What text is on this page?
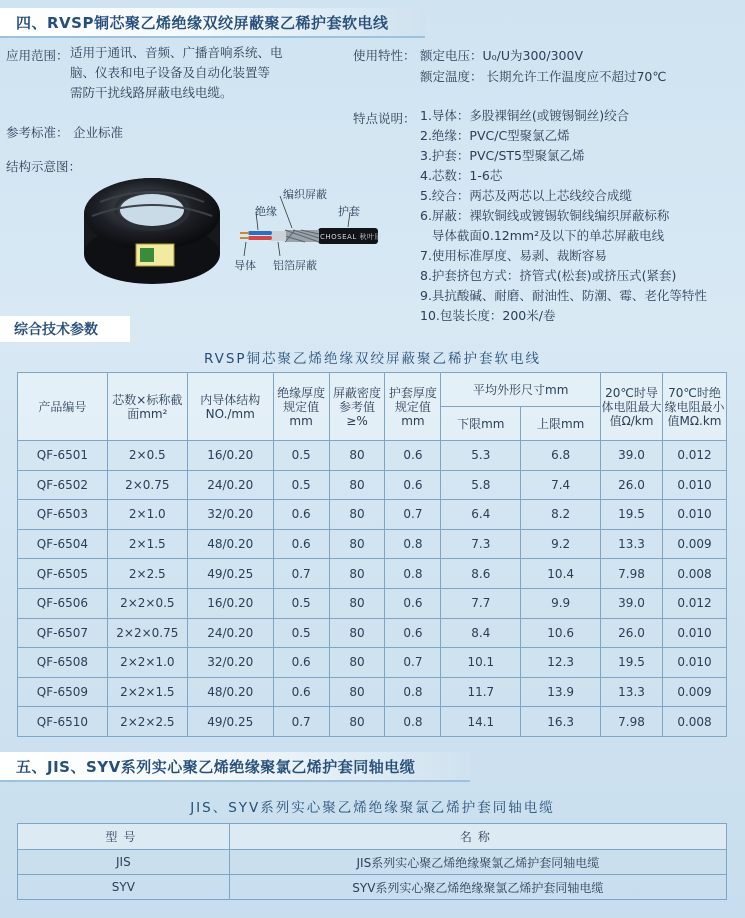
四、RVSP铜芯聚乙烯绝缘双绞屏蔽聚乙稀护套软电线
应用范围： 适用于通讯、音频、广播音响系统、电
脑、仪表和电子设备及自动化装置等
需防干扰线路屏蔽电线电缆。
参考标准： 企业标准
结构示意图：
绝缘
编织屏蔽
护套
导体 铝箔屏蔽
CHOSEAL 秋叶原
使用特性： 额定电压：U₀/U为300/300V
额定温度： 长期允许工作温度应不超过70℃
特点说明： 1.导体：多股裸铜丝(或镀锡铜丝)绞合
2.绝缘：PVC/C型聚氯乙烯
3.护套：PVC/ST5型聚氯乙烯
4.芯数：1-6芯
5.绞合：两芯及两芯以上芯线绞合成缆
6.屏蔽：裸软铜线或镀锡软铜线编织屏蔽标称
导体截面0.12mm²及以下的单芯屏蔽电线
7.使用标准厚度、易剥、裁断容易
8.护套挤包方式：挤管式(松套)或挤压式(紧套)
9.具抗酸碱、耐磨、耐油性、防潮、霉、老化等特性
10.包装长度：200米/卷
综合技术参数
RVSP铜芯聚乙烯绝缘双绞屏蔽聚乙稀护套软电线
产品编号	芯数×标称截面mm²	内导体结构NO./mm	绝缘厚度规定值mm	屏蔽密度参考值≥%	护套厚度规定值mm	平均外形尺寸mm		20℃时导体电阻最大值Ω/km	70℃时绝缘电阻最小值MΩ.km
						下限mm	上限mm		
QF-6501	2×0.5	16/0.20	0.5	80	0.6	5.3	6.8	39.0	0.012
QF-6502	2×0.75	24/0.20	0.5	80	0.6	5.8	7.4	26.0	0.010
QF-6503	2×1.0	32/0.20	0.6	80	0.7	6.4	8.2	19.5	0.010
QF-6504	2×1.5	48/0.20	0.6	80	0.8	7.3	9.2	13.3	0.009
QF-6505	2×2.5	49/0.25	0.7	80	0.8	8.6	10.4	7.98	0.008
QF-6506	2×2×0.5	16/0.20	0.5	80	0.6	7.7	9.9	39.0	0.012
QF-6507	2×2×0.75	24/0.20	0.5	80	0.6	8.4	10.6	26.0	0.010
QF-6508	2×2×1.0	32/0.20	0.6	80	0.7	10.1	12.3	19.5	0.010
QF-6509	2×2×1.5	48/0.20	0.6	80	0.8	11.7	13.9	13.3	0.009
QF-6510	2×2×2.5	49/0.25	0.7	80	0.8	14.1	16.3	7.98	0.008
五、JIS、SYV系列实心聚乙烯绝缘聚氯乙烯护套同轴电缆
JIS、SYV系列实心聚乙烯绝缘聚氯乙烯护套同轴电缆
型号	名称
JIS	JIS系列实心聚乙烯绝缘聚氯乙烯护套同轴电缆
SYV	SYV系列实心聚乙烯绝缘聚氯乙烯护套同轴电缆
